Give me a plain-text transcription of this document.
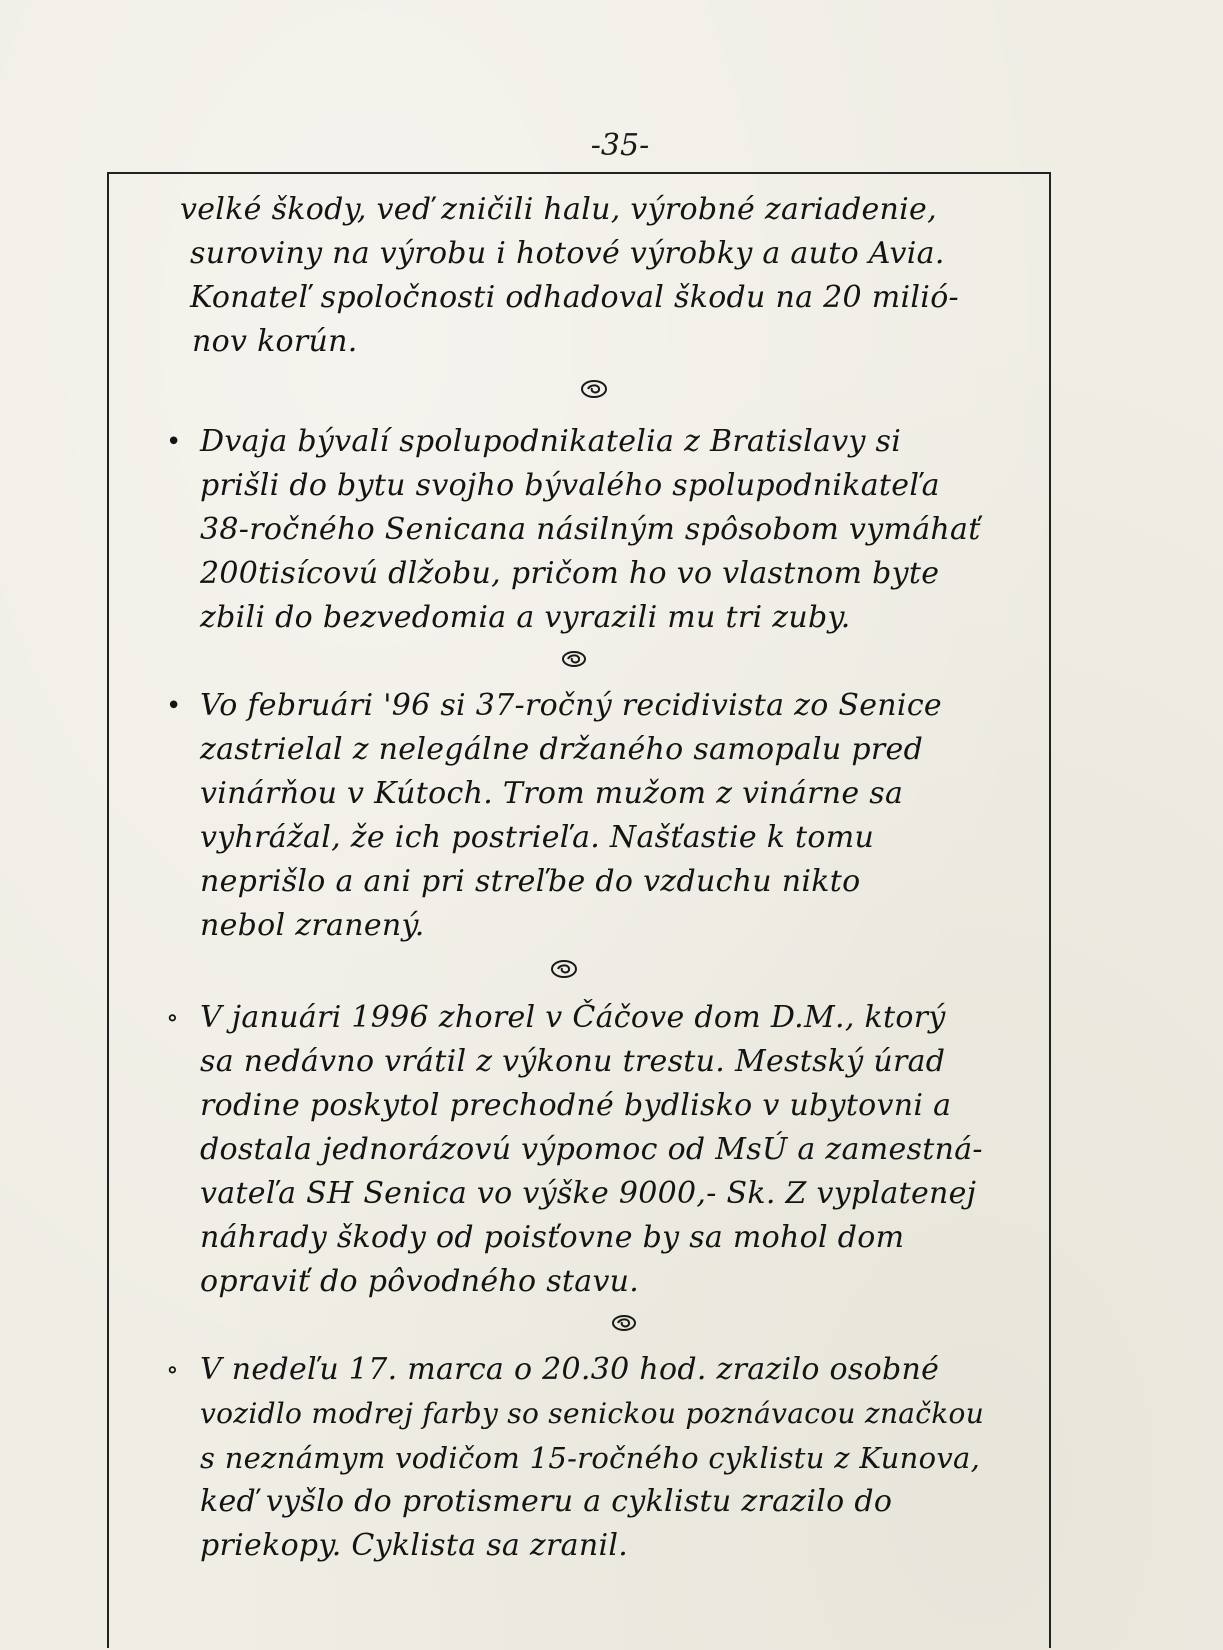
-35-
velké škody, veď zničili halu, výrobné zariadenie,
suroviny na výrobu i hotové výrobky a auto Avia.
Konateľ spoločnosti odhadoval škodu na 20 milió-
nov korún.
• Dvaja bývalí spolupodnikatelia z Bratislavy si
prišli do bytu svojho bývalého spolupodnikateľa
38-ročného Senicana násilným spôsobom vymáhať
200tisícovú dlžobu, pričom ho vo vlastnom byte
zbili do bezvedomia a vyrazili mu tri zuby.
• Vo februári '96 si 37-ročný recidivista zo Senice
zastrielal z nelegálne držaného samopalu pred
vinárňou v Kútoch. Trom mužom z vinárne sa
vyhrážal, že ich postrieľa. Našťastie k tomu
neprišlo a ani pri streľbe do vzduchu nikto
nebol zranený.
∘ V januári 1996 zhorel v Čáčove dom D.M., ktorý
sa nedávno vrátil z výkonu trestu. Mestský úrad
rodine poskytol prechodné bydlisko v ubytovni a
dostala jednorázovú výpomoc od MsÚ a zamestná-
vateľa SH Senica vo výške 9000,- Sk. Z vyplatenej
náhrady škody od poisťovne by sa mohol dom
opraviť do pôvodného stavu.
∘ V nedeľu 17. marca o 20.30 hod. zrazilo osobné
vozidlo modrej farby so senickou poznávacou značkou
s neznámym vodičom 15-ročného cyklistu z Kunova,
keď vyšlo do protismeru a cyklistu zrazilo do
priekopy. Cyklista sa zranil.
